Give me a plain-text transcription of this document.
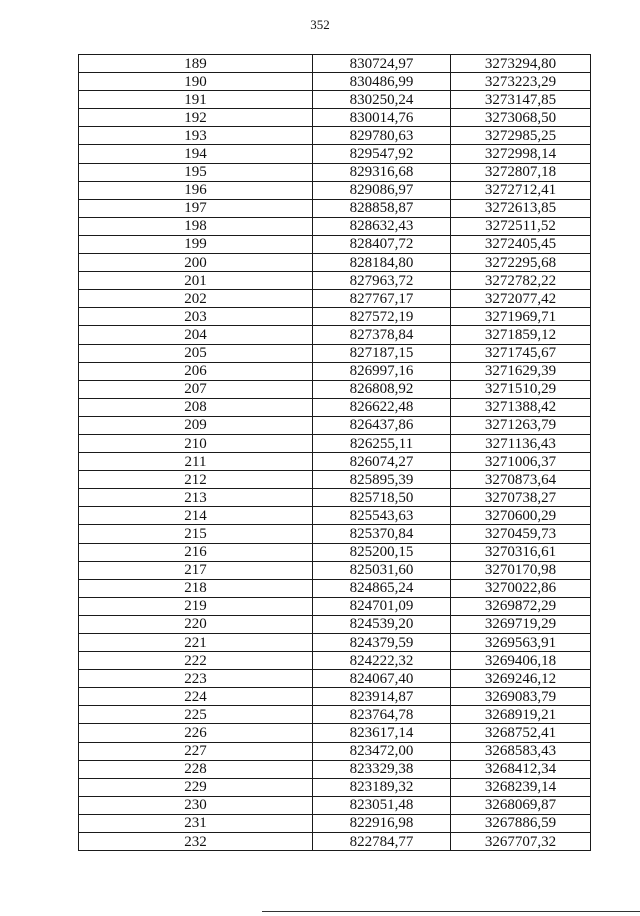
352
189	830724,97	3273294,80
190	830486,99	3273223,29
191	830250,24	3273147,85
192	830014,76	3273068,50
193	829780,63	3272985,25
194	829547,92	3272998,14
195	829316,68	3272807,18
196	829086,97	3272712,41
197	828858,87	3272613,85
198	828632,43	3272511,52
199	828407,72	3272405,45
200	828184,80	3272295,68
201	827963,72	3272782,22
202	827767,17	3272077,42
203	827572,19	3271969,71
204	827378,84	3271859,12
205	827187,15	3271745,67
206	826997,16	3271629,39
207	826808,92	3271510,29
208	826622,48	3271388,42
209	826437,86	3271263,79
210	826255,11	3271136,43
211	826074,27	3271006,37
212	825895,39	3270873,64
213	825718,50	3270738,27
214	825543,63	3270600,29
215	825370,84	3270459,73
216	825200,15	3270316,61
217	825031,60	3270170,98
218	824865,24	3270022,86
219	824701,09	3269872,29
220	824539,20	3269719,29
221	824379,59	3269563,91
222	824222,32	3269406,18
223	824067,40	3269246,12
224	823914,87	3269083,79
225	823764,78	3268919,21
226	823617,14	3268752,41
227	823472,00	3268583,43
228	823329,38	3268412,34
229	823189,32	3268239,14
230	823051,48	3268069,87
231	822916,98	3267886,59
232	822784,77	3267707,32
